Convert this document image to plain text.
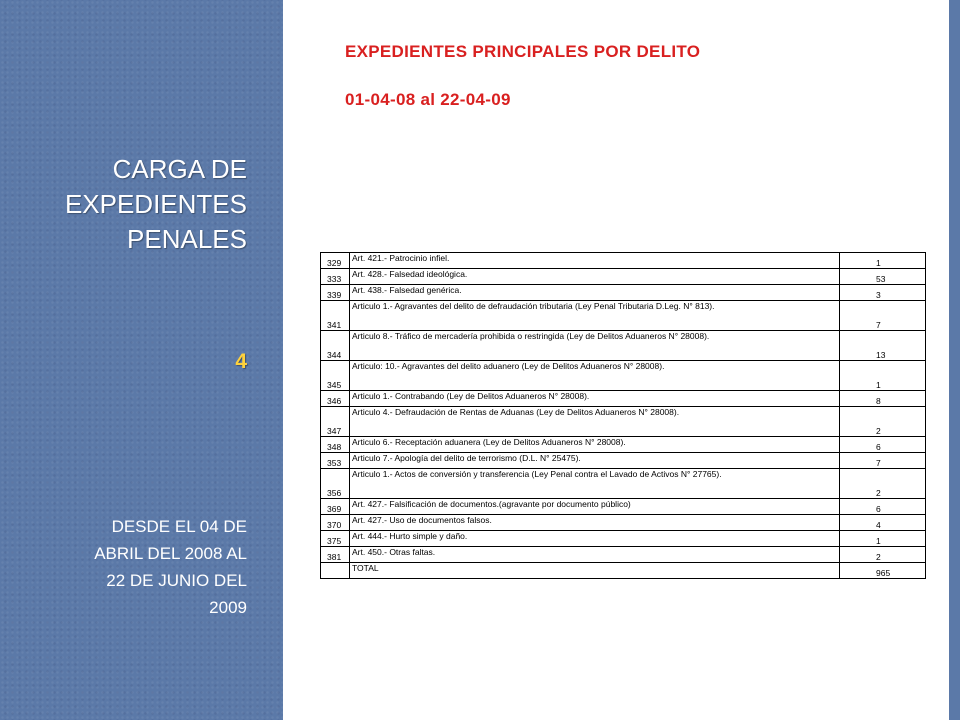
CARGA DE
EXPEDIENTES
PENALES
4
DESDE EL 04 DE
ABRIL DEL 2008 AL
22 DE JUNIO DEL
2009

EXPEDIENTES PRINCIPALES POR DELITO

01-04-08 al 22-04-09

329	Art. 421.- Patrocinio infiel.	1
333	Art. 428.- Falsedad ideológica.	53
339	Art. 438.- Falsedad genérica.	3
341	Articulo 1.- Agravantes del delito de defraudación tributaria (Ley Penal Tributaria D.Leg. N° 813).	7
344	Articulo 8.- Tráfico de mercadería prohibida o restringida (Ley de Delitos Aduaneros N° 28008).	13
345	Articulo: 10.- Agravantes del delito aduanero (Ley de Delitos Aduaneros N° 28008).	1
346	Articulo 1.- Contrabando (Ley de Delitos Aduaneros N° 28008).	8
347	Articulo 4.- Defraudación de Rentas de Aduanas (Ley de Delitos Aduaneros N° 28008).	2
348	Articulo 6.- Receptación aduanera (Ley de Delitos Aduaneros N° 28008).	6
353	Articulo 7.- Apología del delito de terrorismo (D.L. N° 25475).	7
356	Articulo 1.- Actos de conversión y transferencia (Ley Penal contra el Lavado de Activos N° 27765).	2
369	Art. 427.- Falsificación de documentos.(agravante por documento público)	6
370	Art. 427.- Uso de documentos falsos.	4
375	Art. 444.- Hurto simple y daño.	1
381	Art. 450.- Otras faltas.	2
	TOTAL	965
